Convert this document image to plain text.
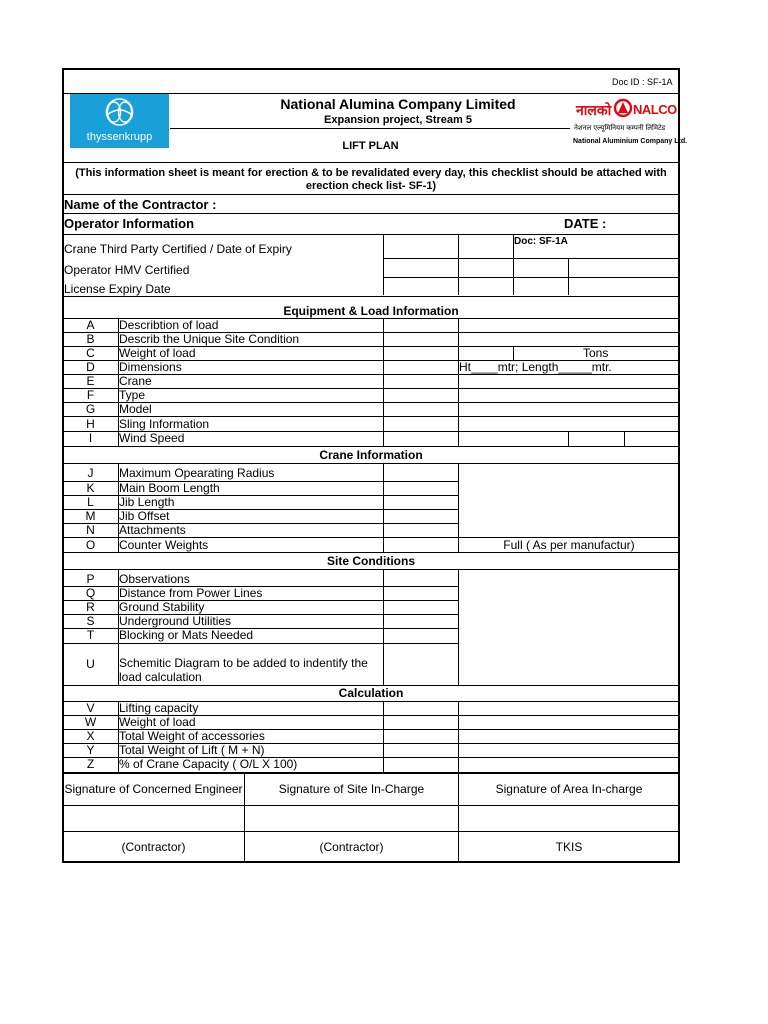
Doc ID : SF-1A
thyssenkrupp
National Alumina Company Limited
Expansion project, Stream 5
LIFT PLAN
नालको NALCO
नेशनल एल्यूमिनियम कम्पनी लिमिटेड
National Aluminium Company Ltd.
(This information sheet is meant for erection & to be revalidated every day, this checklist should be attached with erection check list- SF-1)
Name of the Contractor :
Operator Information	DATE :
Doc: SF-1A
Crane Third Party Certified / Date of Expiry
Operator HMV Certified
License Expiry Date
Equipment & Load Information
A	Describtion of load
B	Describ the Unique Site Condition
C	Weight of load	Tons
D	Dimensions	Ht____mtr; Length_____mtr.
E	Crane
F	Type
G	Model
H	Sling Information
I	Wind Speed
Crane Information
J	Maximum Opearating Radius
K	Main Boom Length
L	Jib Length
M	Jib Offset
N	Attachments
O	Counter Weights	Full ( As per manufactur)
Site Conditions
P	Observations
Q	Distance from Power Lines
R	Ground Stability
S	Underground Utilities
T	Blocking or Mats Needed
U	Schemitic Diagram to be added to indentify the
load calculation
Calculation
V	Lifting capacity
W	Weight of load
X	Total Weight of accessories
Y	Total Weight of Lift ( M + N)
Z	% of Crane Capacity ( O/L X 100)
Signature of Concerned Engineer	Signature of Site In-Charge	Signature of Area In-charge
(Contractor)	(Contractor)	TKIS
